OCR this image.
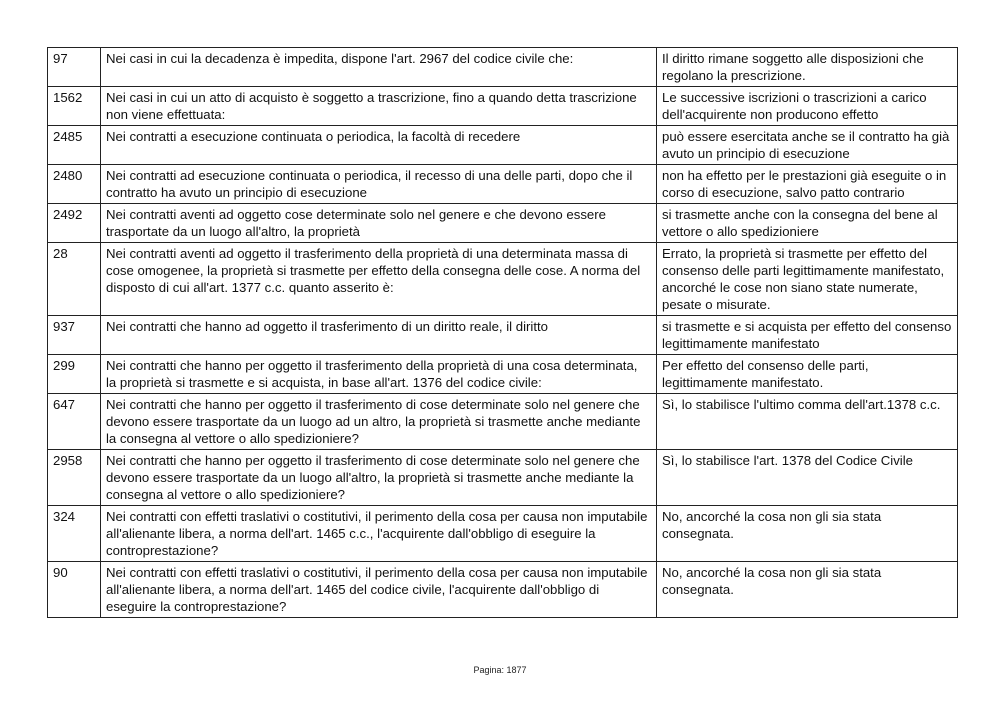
97	Nei casi in cui la decadenza è impedita, dispone l'art. 2967 del codice civile che:	Il diritto rimane soggetto alle disposizioni che regolano la prescrizione.
1562	Nei casi in cui un atto di acquisto è soggetto a trascrizione, fino a quando detta trascrizione non viene effettuata:	Le successive iscrizioni o trascrizioni a carico dell'acquirente non producono effetto
2485	Nei contratti a esecuzione continuata o periodica, la facoltà di recedere	può essere esercitata anche se il contratto ha già avuto un principio di esecuzione
2480	Nei contratti ad esecuzione continuata o periodica, il recesso di una delle parti, dopo che il contratto ha avuto un principio di esecuzione	non ha effetto per le prestazioni già eseguite o in corso di esecuzione, salvo patto contrario
2492	Nei contratti aventi ad oggetto cose determinate solo nel genere e che devono essere trasportate da un luogo all'altro, la proprietà	si trasmette anche con la consegna del bene al vettore o allo spedizioniere
28	Nei contratti aventi ad oggetto il trasferimento della proprietà di una determinata massa di cose omogenee, la proprietà si trasmette per effetto della consegna delle cose. A norma del disposto di cui all'art. 1377 c.c. quanto asserito è:	Errato, la proprietà si trasmette per effetto del consenso delle parti legittimamente manifestato, ancorché le cose non siano state numerate, pesate o misurate.
937	Nei contratti che hanno ad oggetto il trasferimento di un diritto reale, il diritto	si trasmette e si acquista per effetto del consenso legittimamente manifestato
299	Nei contratti che hanno per oggetto il trasferimento della proprietà di una cosa determinata, la proprietà si trasmette e si acquista, in base all'art. 1376 del codice civile:	Per effetto del consenso delle parti, legittimamente manifestato.
647	Nei contratti che hanno per oggetto il trasferimento di cose determinate solo nel genere che devono essere trasportate da un luogo ad un altro, la proprietà si trasmette anche mediante la consegna al vettore o allo spedizioniere?	Sì, lo stabilisce l'ultimo comma dell'art.1378 c.c.
2958	Nei contratti che hanno per oggetto il trasferimento di cose determinate solo nel genere che devono essere trasportate da un luogo all'altro, la proprietà si trasmette anche mediante la consegna al vettore o allo spedizioniere?	Sì, lo stabilisce l'art. 1378 del Codice Civile
324	Nei contratti con effetti traslativi o costitutivi, il perimento della cosa per causa non imputabile all'alienante libera, a norma dell'art. 1465 c.c., l'acquirente dall'obbligo di eseguire la controprestazione?	No, ancorché la cosa non gli sia stata consegnata.
90	Nei contratti con effetti traslativi o costitutivi, il perimento della cosa per causa non imputabile all'alienante libera, a norma dell'art. 1465 del codice civile, l'acquirente dall'obbligo di eseguire la controprestazione?	No, ancorché la cosa non gli sia stata consegnata.
Pagina: 1877
